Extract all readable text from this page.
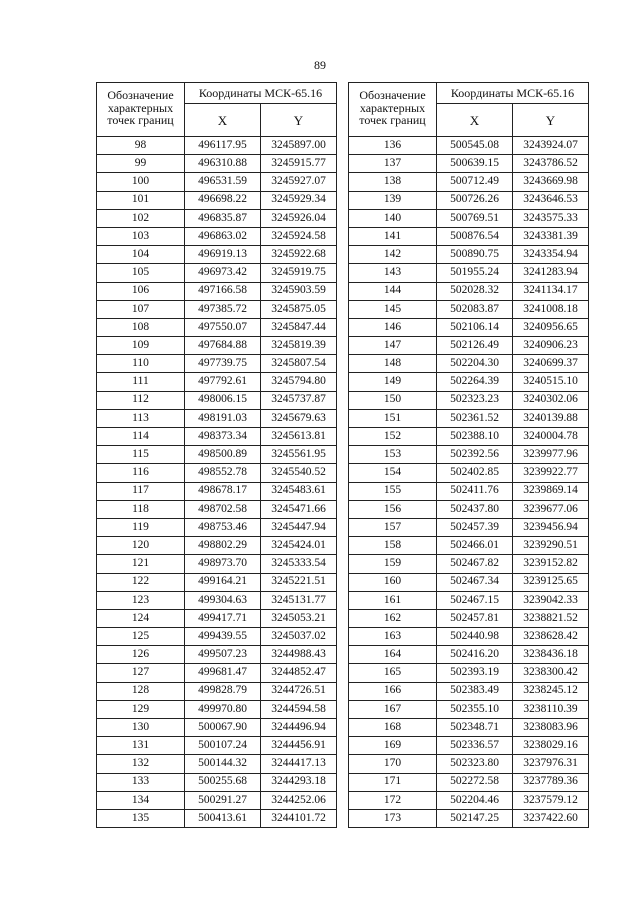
89
Обозначение
характерных
точек границ	Координаты МСК-65.16	
	X	Y
98	496117.95	3245897.00
99	496310.88	3245915.77
100	496531.59	3245927.07
101	496698.22	3245929.34
102	496835.87	3245926.04
103	496863.02	3245924.58
104	496919.13	3245922.68
105	496973.42	3245919.75
106	497166.58	3245903.59
107	497385.72	3245875.05
108	497550.07	3245847.44
109	497684.88	3245819.39
110	497739.75	3245807.54
111	497792.61	3245794.80
112	498006.15	3245737.87
113	498191.03	3245679.63
114	498373.34	3245613.81
115	498500.89	3245561.95
116	498552.78	3245540.52
117	498678.17	3245483.61
118	498702.58	3245471.66
119	498753.46	3245447.94
120	498802.29	3245424.01
121	498973.70	3245333.54
122	499164.21	3245221.51
123	499304.63	3245131.77
124	499417.71	3245053.21
125	499439.55	3245037.02
126	499507.23	3244988.43
127	499681.47	3244852.47
128	499828.79	3244726.51
129	499970.80	3244594.58
130	500067.90	3244496.94
131	500107.24	3244456.91
132	500144.32	3244417.13
133	500255.68	3244293.18
134	500291.27	3244252.06
135	500413.61	3244101.72
Обозначение
характерных
точек границ	Координаты МСК-65.16	
	X	Y
136	500545.08	3243924.07
137	500639.15	3243786.52
138	500712.49	3243669.98
139	500726.26	3243646.53
140	500769.51	3243575.33
141	500876.54	3243381.39
142	500890.75	3243354.94
143	501955.24	3241283.94
144	502028.32	3241134.17
145	502083.87	3241008.18
146	502106.14	3240956.65
147	502126.49	3240906.23
148	502204.30	3240699.37
149	502264.39	3240515.10
150	502323.23	3240302.06
151	502361.52	3240139.88
152	502388.10	3240004.78
153	502392.56	3239977.96
154	502402.85	3239922.77
155	502411.76	3239869.14
156	502437.80	3239677.06
157	502457.39	3239456.94
158	502466.01	3239290.51
159	502467.82	3239152.82
160	502467.34	3239125.65
161	502467.15	3239042.33
162	502457.81	3238821.52
163	502440.98	3238628.42
164	502416.20	3238436.18
165	502393.19	3238300.42
166	502383.49	3238245.12
167	502355.10	3238110.39
168	502348.71	3238083.96
169	502336.57	3238029.16
170	502323.80	3237976.31
171	502272.58	3237789.36
172	502204.46	3237579.12
173	502147.25	3237422.60
